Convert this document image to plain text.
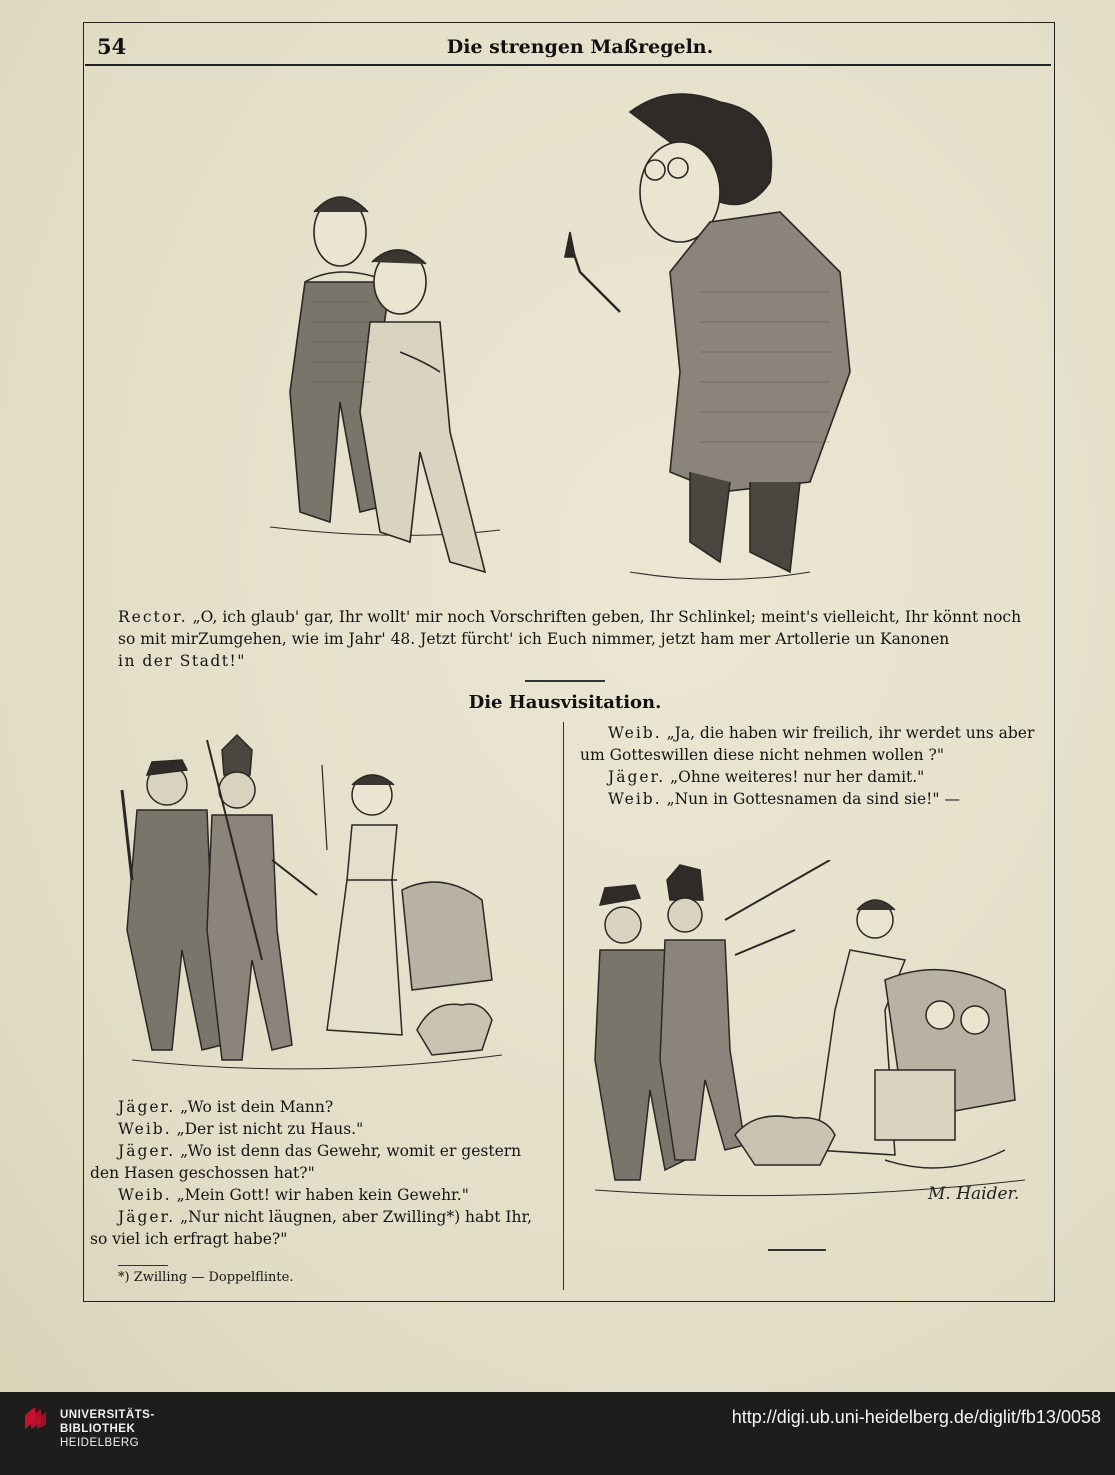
54	Die strengen Maßregeln.

Rector. „O, ich glaub' gar, Ihr wollt' mir noch Vorschriften geben, Ihr Schlinkel; meint's vielleicht, Ihr könnt noch

so mit mirZumgehen, wie im Jahr' 48. Jetzt fürcht' ich Euch nimmer, jetzt ham mer Artollerie un Kanonen

in der Stadt!"

Die Hausvisitation.

Weib. „Ja, die haben wir freilich, ihr werdet uns aber

um Gotteswillen diese nicht nehmen wollen ?"

Jäger. „Ohne weiteres! nur her damit."

Weib. „Nun in Gottesnamen da sind sie!" —

Jäger. „Wo ist dein Mann?

Weib. „Der ist nicht zu Haus."

Jäger. „Wo ist denn das Gewehr, womit er gestern

den Hasen geschossen hat?"

Weib. „Mein Gott! wir haben kein Gewehr."

Jäger. „Nur nicht läugnen, aber Zwilling*) habt Ihr,

so viel ich erfragt habe?"

*) Zwilling — Doppelflinte.
M. Haider.
UNIVERSITÄTS-
BIBLIOTHEK
HEIDELBERG
http://digi.ub.uni-heidelberg.de/diglit/fb13/0058
